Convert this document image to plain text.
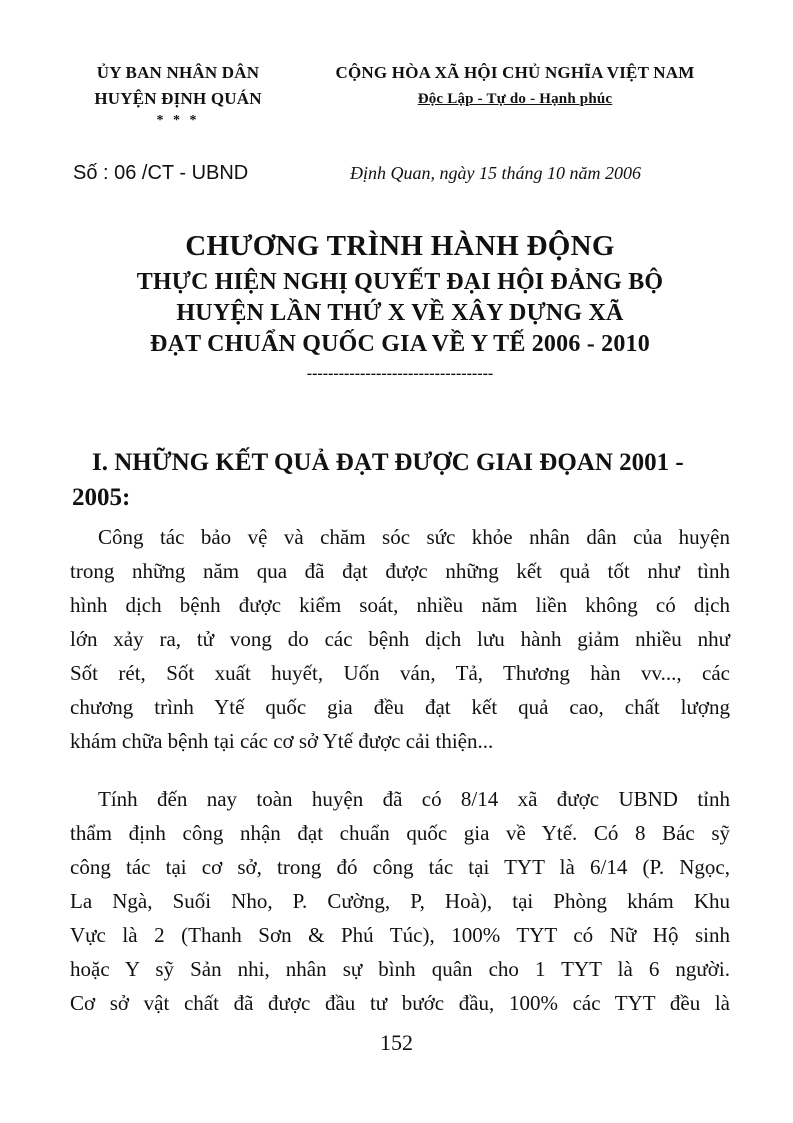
ỦY BAN NHÂN DÂN
HUYỆN ĐỊNH QUÁN
* * *
CỘNG HÒA XÃ HỘI CHỦ NGHĨA VIỆT NAM
Độc Lập - Tự do - Hạnh phúc
Số : 06 /CT - UBND	Định Quan, ngày 15 tháng 10 năm 2006
CHƯƠNG TRÌNH HÀNH ĐỘNG
THỰC HIỆN NGHỊ QUYẾT ĐẠI HỘI ĐẢNG BỘ
HUYỆN LẦN THỨ X VỀ XÂY DỰNG XÃ
ĐẠT CHUẨN QUỐC GIA VỀ Y TẾ 2006 - 2010
-----------------------------------
I. NHỮNG KẾT QUẢ ĐẠT ĐƯỢC GIAI ĐỌAN 2001 -
2005:
Công tác bảo vệ và chăm sóc sức khỏe nhân dân của huyện
trong những năm qua đã đạt được những kết quả tốt như tình
hình dịch bệnh được kiểm soát, nhiều năm liền không có dịch
lớn xảy ra, tử vong do các bệnh dịch lưu hành giảm nhiều như
Sốt rét, Sốt xuất huyết, Uốn ván, Tả, Thương hàn vv..., các
chương trình Ytế quốc gia đều đạt kết quả cao, chất lượng
khám chữa bệnh tại các cơ sở Ytế được cải thiện...
Tính đến nay toàn huyện đã có 8/14 xã được UBND tỉnh
thẩm định công nhận đạt chuẩn quốc gia về Ytế. Có 8 Bác sỹ
công tác tại cơ sở, trong đó công tác tại TYT là 6/14 (P. Ngọc,
La Ngà, Suối Nho, P. Cường, P, Hoà), tại Phòng khám Khu
Vực là 2 (Thanh Sơn & Phú Túc), 100% TYT có Nữ Hộ sinh
hoặc Y sỹ Sản nhi, nhân sự bình quân cho 1 TYT là 6 người.
Cơ sở vật chất đã được đầu tư bước đầu, 100% các TYT đều là
152
